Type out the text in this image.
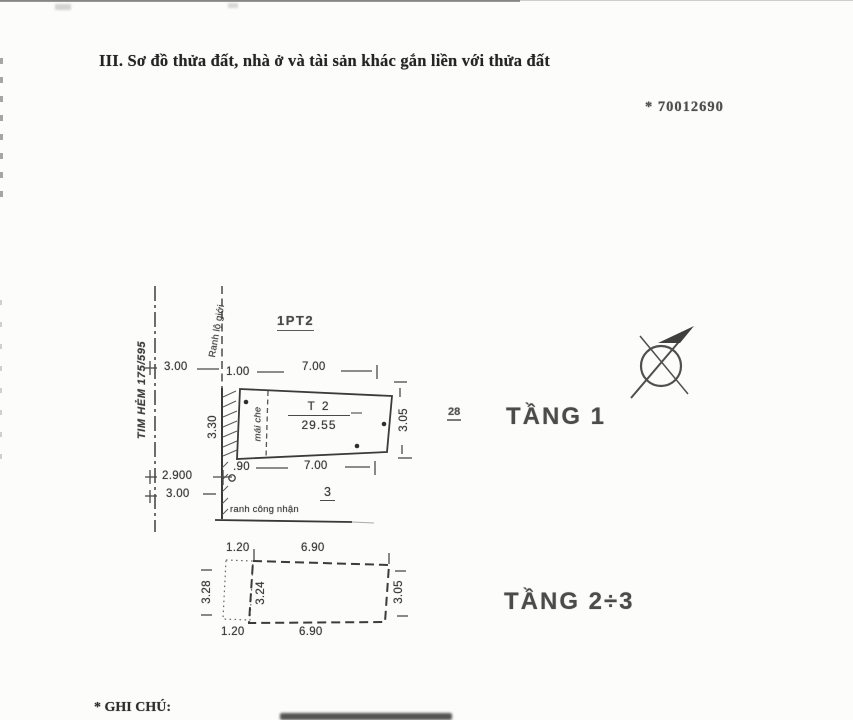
III. Sơ đồ thửa đất, nhà ở và tài sản khác gắn liền với thửa đất
* 70012690
1PT2
3.00	1.00	7.00
$\frac{T 2}{29.55}$
3.30	mái che	3.05
Ranh lộ giới
TIM HẺM 175/595
.90	7.00
2.900
3.00	3
ranh công nhận
28 TẦNG 1
1.20	6.90
3.28	3.24	3.05
1.20	6.90
TẦNG 2÷3
* GHI CHÚ:
